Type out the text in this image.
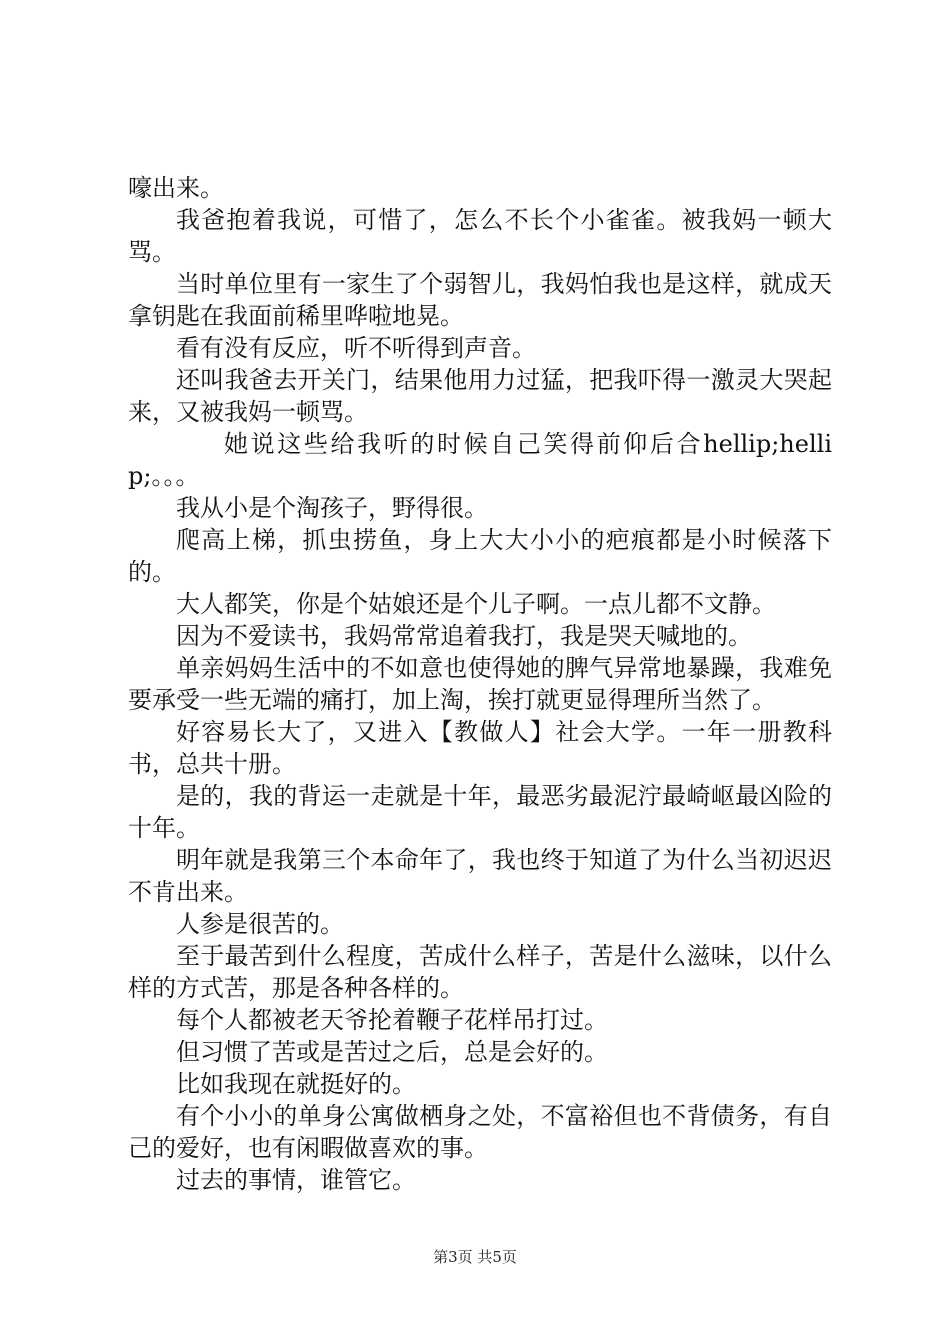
嚎出来。

我爸抱着我说，可惜了，怎么不长个小雀雀。被我妈一顿大骂。

当时单位里有一家生了个弱智儿，我妈怕我也是这样，就成天拿钥匙在我面前稀里哗啦地晃。

看有没有反应，听不听得到声音。

还叫我爸去开关门，结果他用力过猛，把我吓得一激灵大哭起来，又被我妈一顿骂。

她说这些给我听的时候自己笑得前仰后合hellip;hellip;。。。

我从小是个淘孩子，野得很。

爬高上梯，抓虫捞鱼，身上大大小小的疤痕都是小时候落下的。

大人都笑，你是个姑娘还是个儿子啊。一点儿都不文静。

因为不爱读书，我妈常常追着我打，我是哭天喊地的。

单亲妈妈生活中的不如意也使得她的脾气异常地暴躁，我难免要承受一些无端的痛打，加上淘，挨打就更显得理所当然了。

好容易长大了，又进入【教做人】社会大学。一年一册教科书，总共十册。

是的，我的背运一走就是十年，最恶劣最泥泞最崎岖最凶险的十年。

明年就是我第三个本命年了，我也终于知道了为什么当初迟迟不肯出来。

人参是很苦的。

至于最苦到什么程度，苦成什么样子，苦是什么滋味，以什么样的方式苦，那是各种各样的。

每个人都被老天爷抡着鞭子花样吊打过。

但习惯了苦或是苦过之后，总是会好的。

比如我现在就挺好的。

有个小小的单身公寓做栖身之处，不富裕但也不背债务，有自己的爱好，也有闲暇做喜欢的事。

过去的事情，谁管它。

第3页 共5页
